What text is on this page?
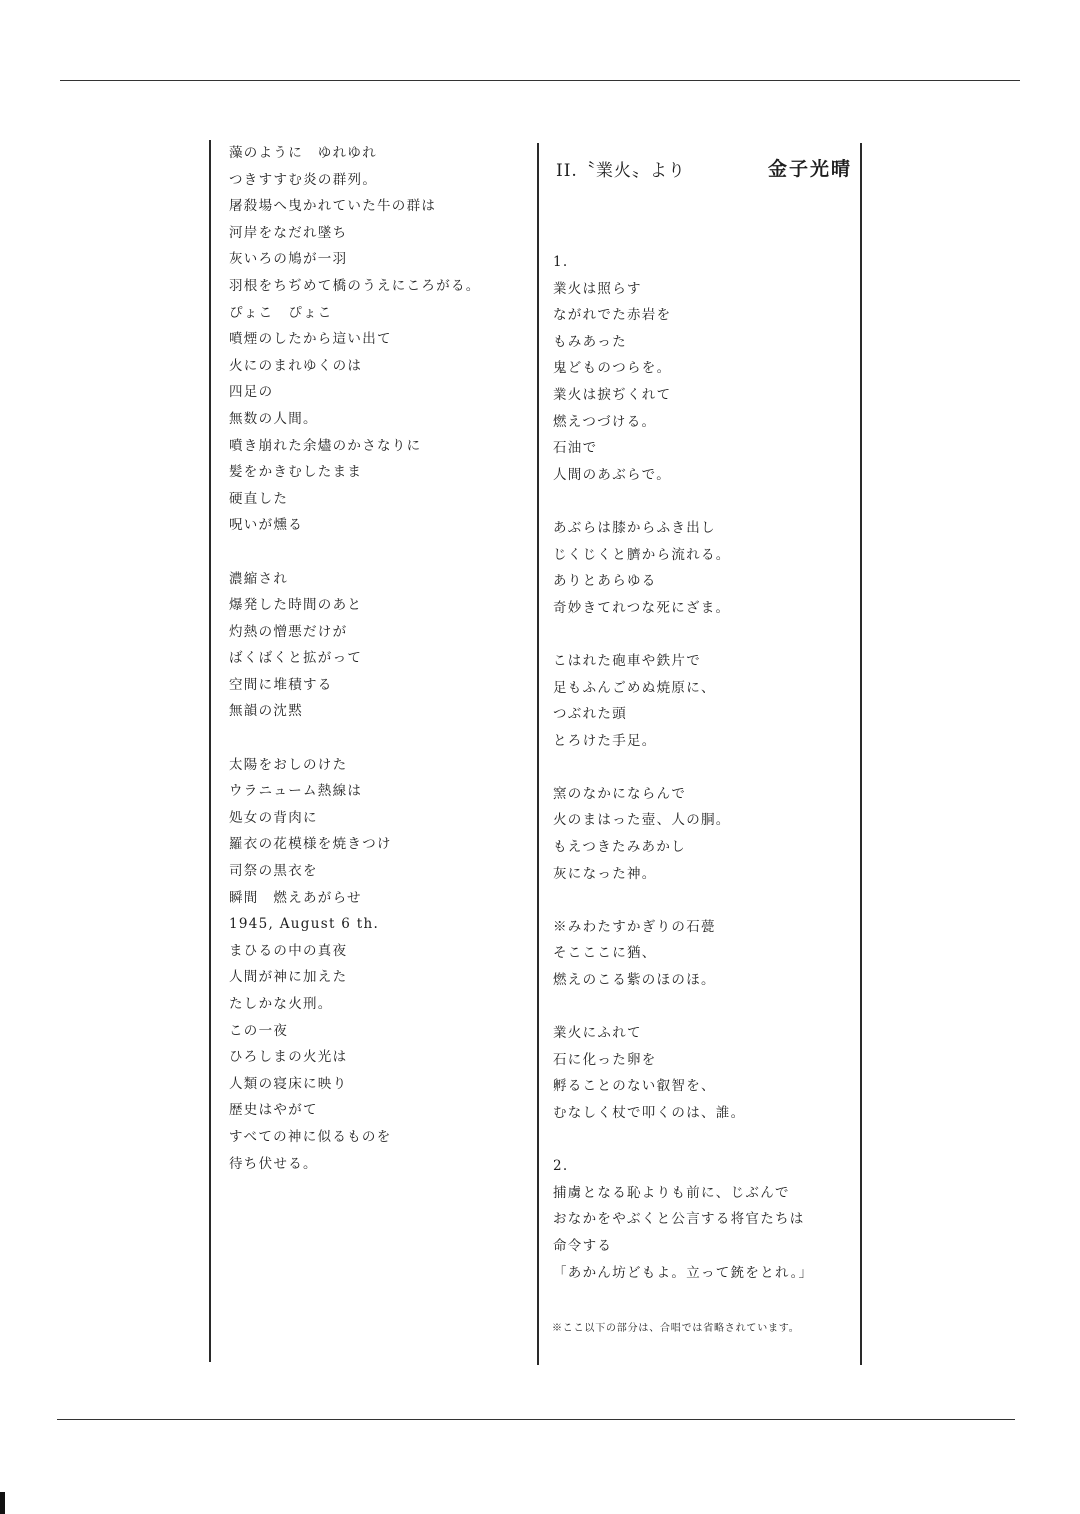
藻のように　ゆれゆれ
つきすすむ炎の群列。
屠殺場へ曳かれていた牛の群は
河岸をなだれ墜ち
灰いろの鳩が一羽
羽根をちぢめて橋のうえにころがる。
ぴょこ　ぴょこ
噴煙のしたから這い出て
火にのまれゆくのは
四足の
無数の人間。
噴き崩れた余燼のかさなりに
髪をかきむしたまま
硬直した
呪いが燻る
濃縮され
爆発した時間のあと
灼熱の憎悪だけが
ばくばくと拡がって
空間に堆積する
無韻の沈黙
太陽をおしのけた
ウラニューム熱線は
処女の背肉に
羅衣の花模様を焼きつけ
司祭の黒衣を
瞬間　燃えあがらせ
1945, August 6 th.
まひるの中の真夜
人間が神に加えた
たしかな火刑。
この一夜
ひろしまの火光は
人類の寝床に映り
歴史はやがて
すべての神に似るものを
待ち伏せる。
II.〝業火〟より	金子光晴
1.
業火は照らす
ながれでた赤岩を
もみあった
鬼どものつらを。
業火は捩ぢくれて
燃えつづける。
石油で
人間のあぶらで。
あぶらは膝からふき出し
じくじくと臍から流れる。
ありとあらゆる
奇妙きてれつな死にざま。
こはれた砲車や鉄片で
足もふんごめぬ焼原に、
つぶれた頭
とろけた手足。
窯のなかにならんで
火のまはった壺、人の胴。
もえつきたみあかし
灰になった神。
※みわたすかぎりの石甍
そこここに猶、
燃えのこる紫のほのほ。
業火にふれて
石に化った卵を
孵ることのない叡智を、
むなしく杖で叩くのは、誰。
2.
捕虜となる恥よりも前に、じぶんで
おなかをやぶくと公言する将官たちは
命令する
「あかん坊どもよ。立って銃をとれ。」
※ここ以下の部分は、合唱では省略されています。
